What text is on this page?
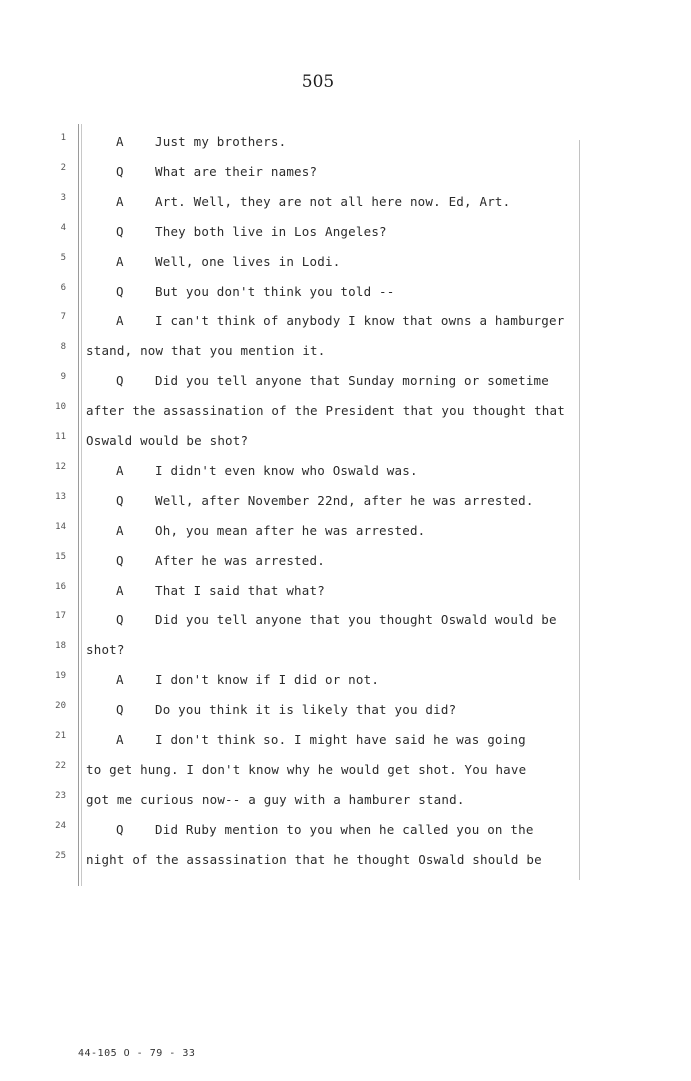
505
1	A	Just my brothers.
2	Q	What are their names?
3	A	Art. Well, they are not all here now. Ed, Art.
4	Q	They both live in Los Angeles?
5	A	Well, one lives in Lodi.
6	Q	But you don't think you told --
7	A	I can't think of anybody I know that owns a hamburger
8 stand, now that you mention it.
9	Q	Did you tell anyone that Sunday morning or sometime
10 after the assassination of the President that you thought that
11 Oswald would be shot?
12	A	I didn't even know who Oswald was.
13	Q	Well, after November 22nd, after he was arrested.
14	A	Oh, you mean after he was arrested.
15	Q	After he was arrested.
16	A	That I said that what?
17	Q	Did you tell anyone that you thought Oswald would be
18 shot?
19	A	I don't know if I did or not.
20	Q	Do you think it is likely that you did?
21	A	I don't think so. I might have said he was going
22 to get hung. I don't know why he would get shot. You have
23 got me curious now-- a guy with a hamburer stand.
24	Q	Did Ruby mention to you when he called you on the
25 night of the assassination that he thought Oswald should be
44-105 O - 79 - 33
